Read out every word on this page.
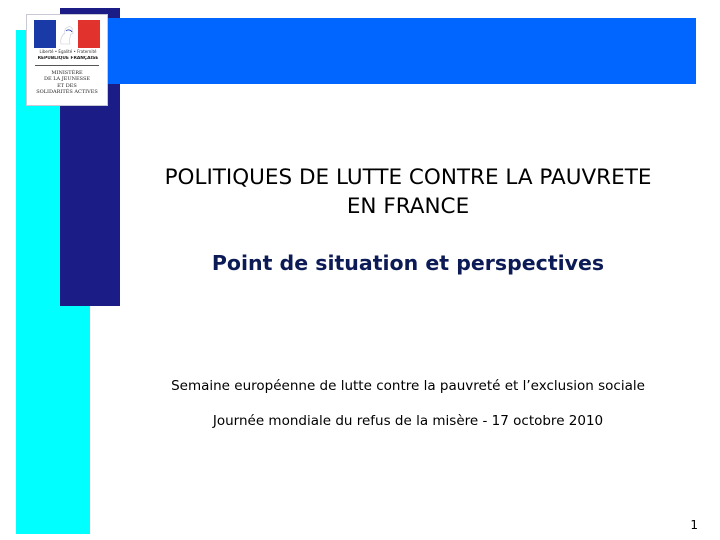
Liberté • Égalité • Fraternité
RÉPUBLIQUE FRANÇAISE
MINISTÈRE
DE LA JEUNESSE
ET DES
SOLIDARITÉS ACTIVES
POLITIQUES DE LUTTE CONTRE LA PAUVRETE
EN FRANCE
Point de situation et perspectives
Semaine européenne de lutte contre la pauvreté et l’exclusion sociale
Journée mondiale du refus de la misère - 17 octobre 2010
1
